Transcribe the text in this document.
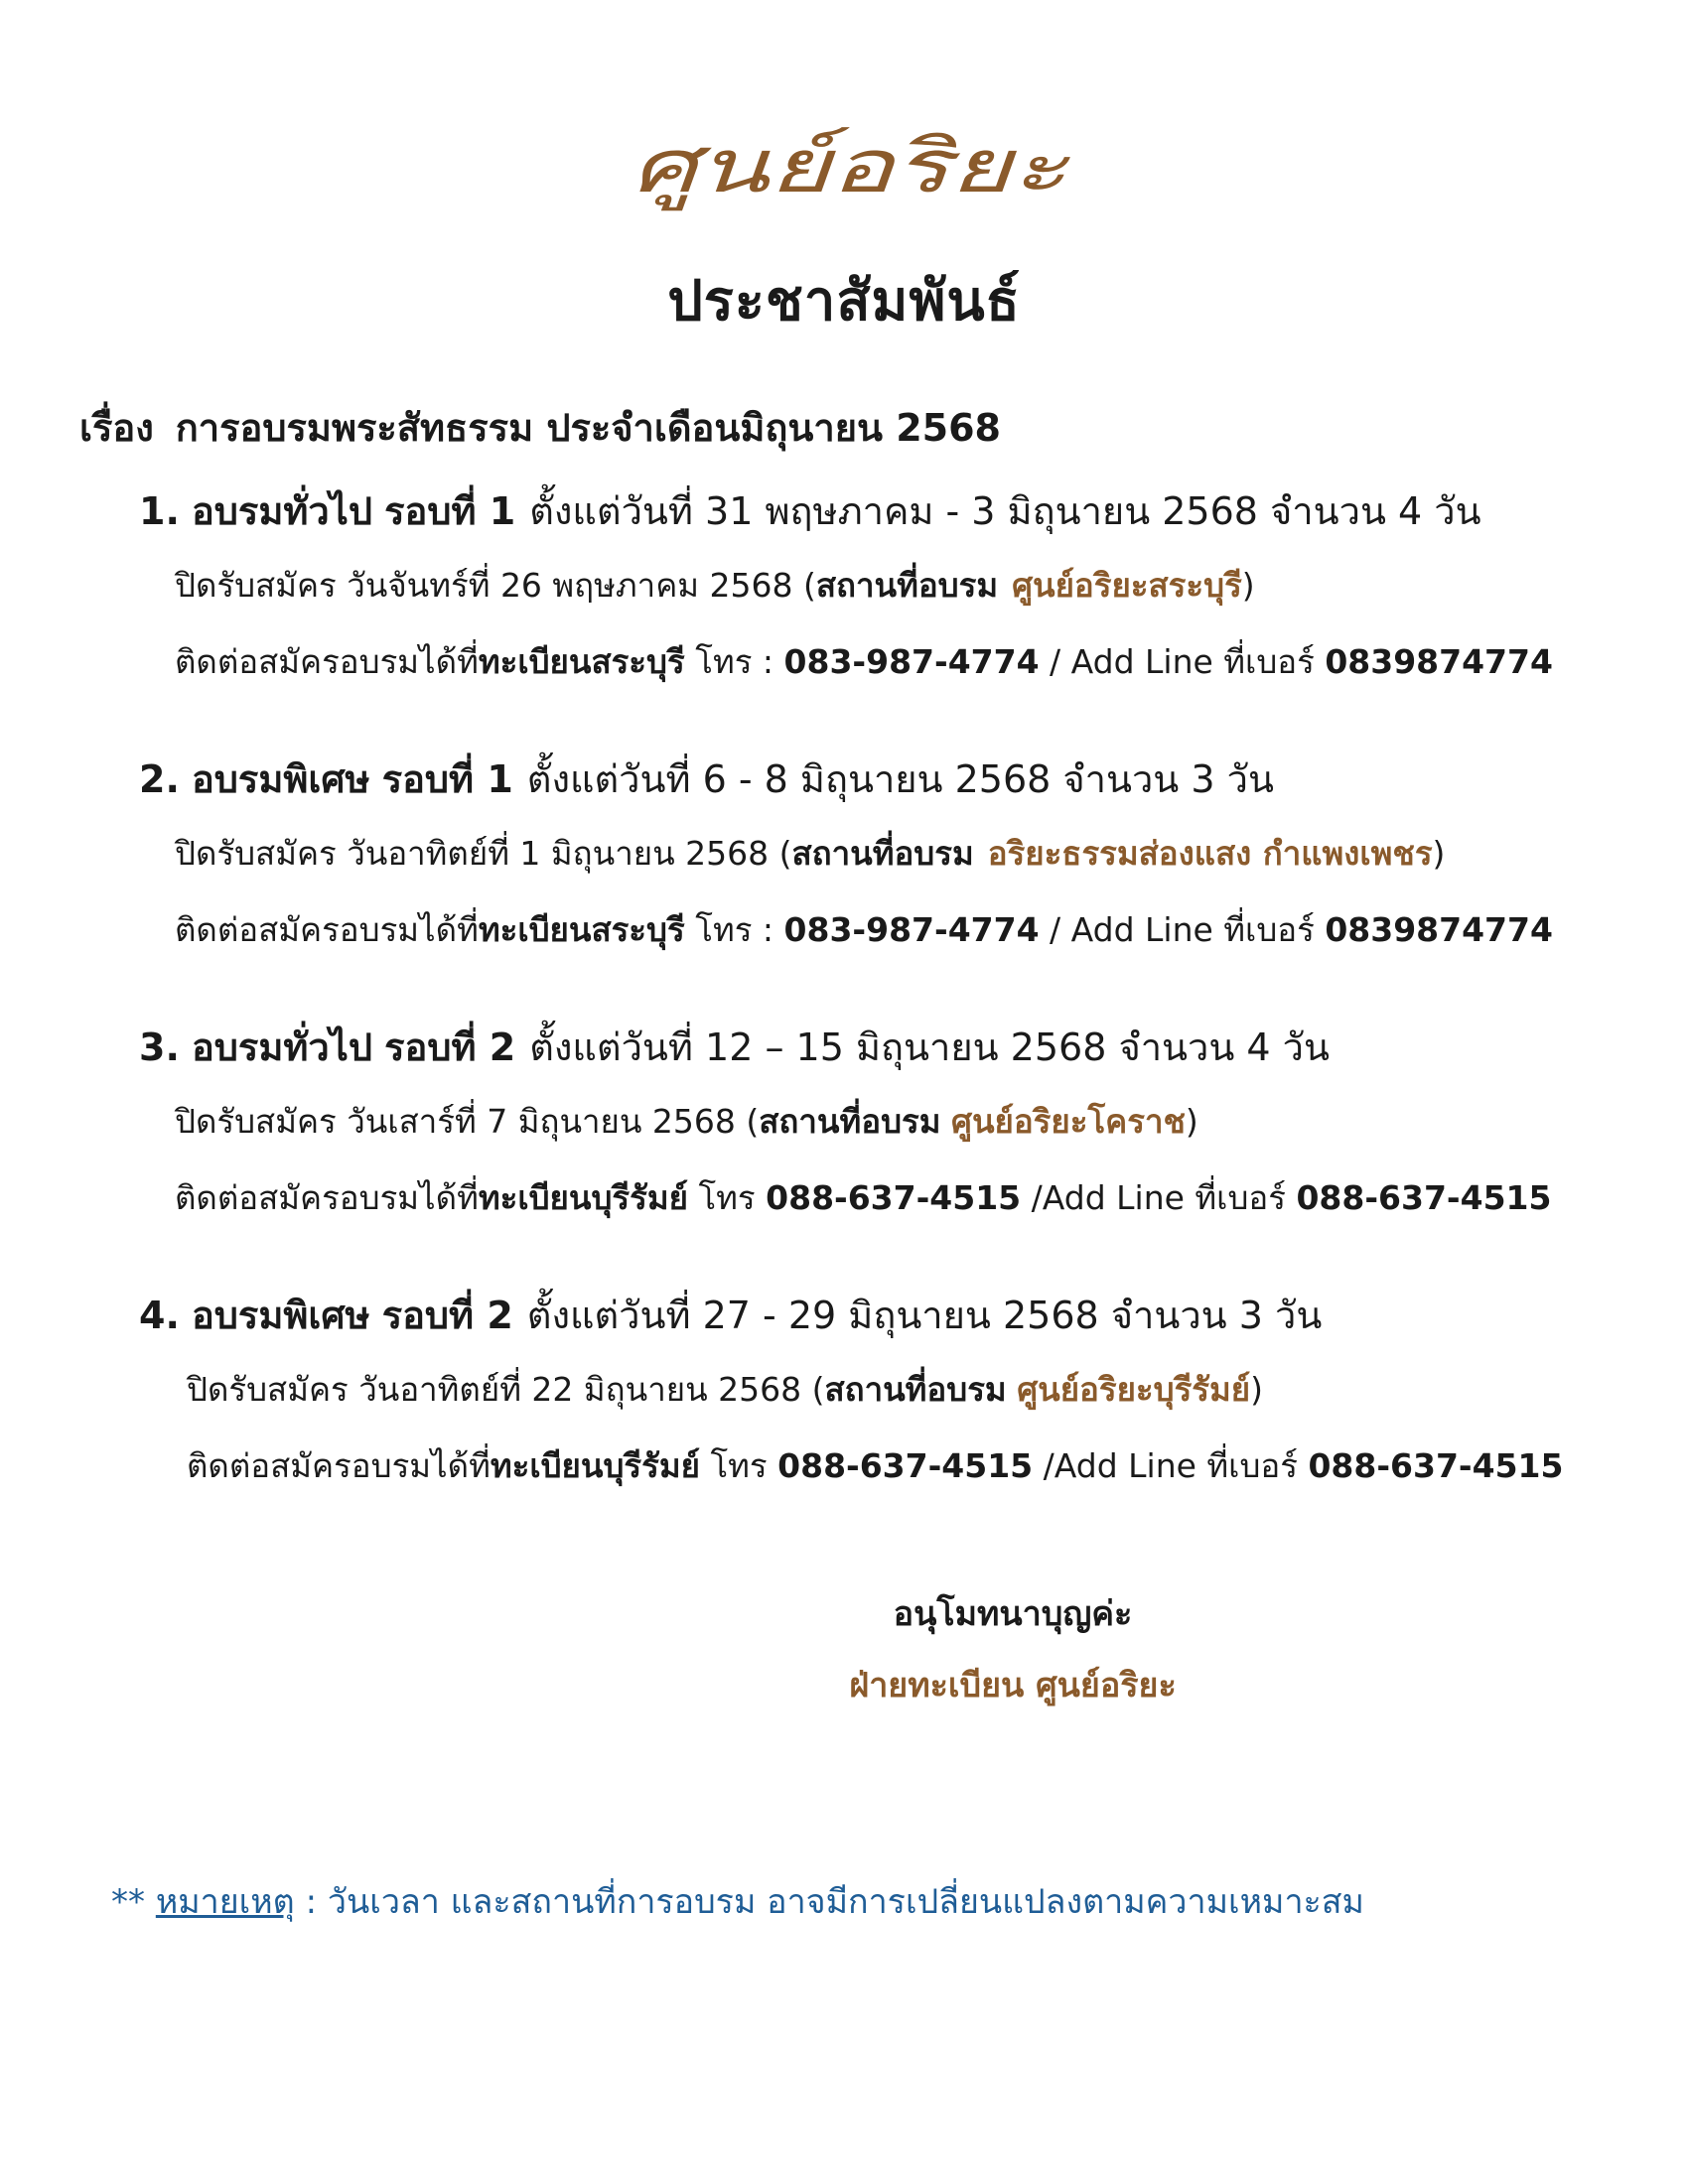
ศูนย์อริยะ
ประชาสัมพันธ์
เรื่อง การอบรมพระสัทธรรม ประจำเดือนมิถุนายน 2568
1. อบรมทั่วไป รอบที่ 1 ตั้งแต่วันที่ 31 พฤษภาคม - 3 มิถุนายน 2568 จำนวน 4 วัน
ปิดรับสมัคร วันจันทร์ที่ 26 พฤษภาคม 2568 (สถานที่อบรม ศูนย์อริยะสระบุรี)
ติดต่อสมัครอบรมได้ที่ทะเบียนสระบุรี โทร : 083-987-4774 / Add Line ที่เบอร์ 0839874774
2. อบรมพิเศษ รอบที่ 1 ตั้งแต่วันที่ 6 - 8 มิถุนายน 2568 จำนวน 3 วัน
ปิดรับสมัคร วันอาทิตย์ที่ 1 มิถุนายน 2568 (สถานที่อบรม อริยะธรรมส่องแสง กำแพงเพชร)
ติดต่อสมัครอบรมได้ที่ทะเบียนสระบุรี โทร : 083-987-4774 / Add Line ที่เบอร์ 0839874774
3. อบรมทั่วไป รอบที่ 2 ตั้งแต่วันที่ 12 – 15 มิถุนายน 2568 จำนวน 4 วัน
ปิดรับสมัคร วันเสาร์ที่ 7 มิถุนายน 2568 (สถานที่อบรม ศูนย์อริยะโคราช)
ติดต่อสมัครอบรมได้ที่ทะเบียนบุรีรัมย์ โทร 088-637-4515 /Add Line ที่เบอร์ 088-637-4515
4. อบรมพิเศษ รอบที่ 2 ตั้งแต่วันที่ 27 - 29 มิถุนายน 2568 จำนวน 3 วัน
ปิดรับสมัคร วันอาทิตย์ที่ 22 มิถุนายน 2568 (สถานที่อบรม ศูนย์อริยะบุรีรัมย์)
ติดต่อสมัครอบรมได้ที่ทะเบียนบุรีรัมย์ โทร 088-637-4515 /Add Line ที่เบอร์ 088-637-4515
อนุโมทนาบุญค่ะ
ฝ่ายทะเบียน ศูนย์อริยะ
** หมายเหตุ : วันเวลา และสถานที่การอบรม อาจมีการเปลี่ยนแปลงตามความเหมาะสม
